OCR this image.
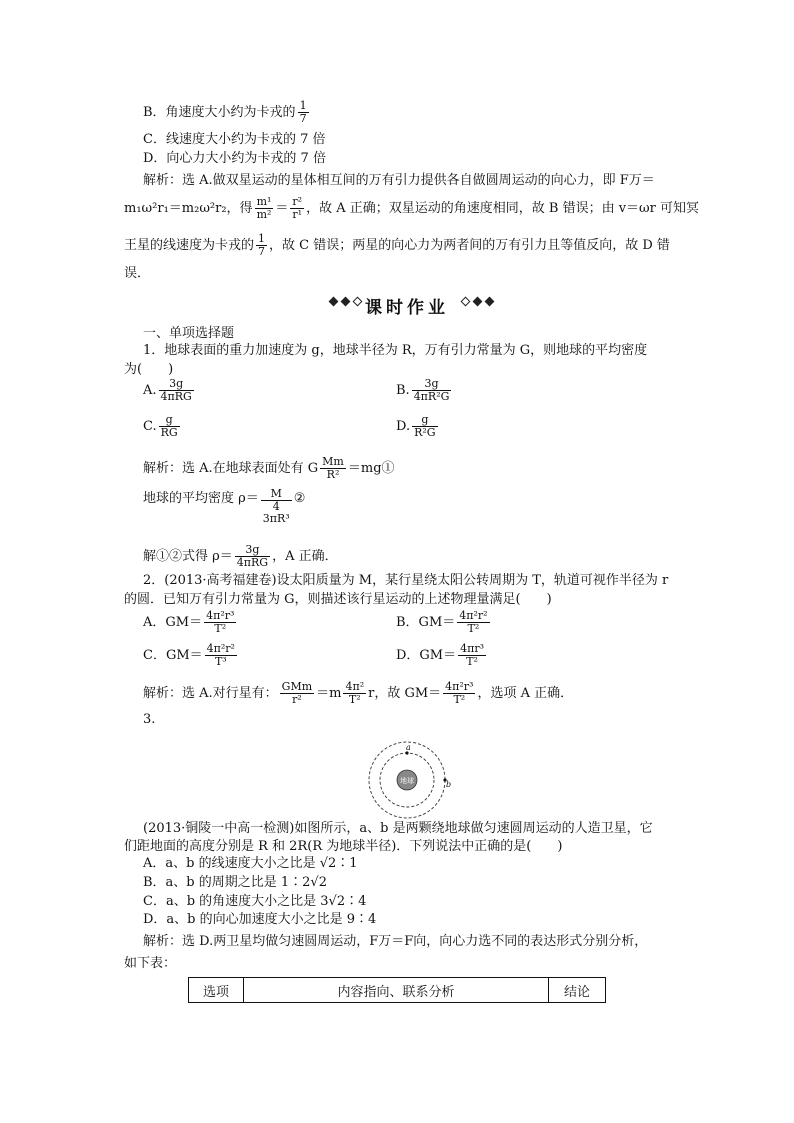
B．角速度大小约为卡戎的 $\frac{1}{7}$
C．线速度大小约为卡戎的 7 倍
D．向心力大小约为卡戎的 7 倍
解析：选 A.做双星运动的星体相互间的万有引力提供各自做圆周运动的向心力，即 F万＝
m₁ω²r₁＝m₂ω²r₂，得 $\frac{\text{m¹}}{\text{m²}} = \frac{\text{r²}}{\text{r¹}}$ ，故 A 正确；双星运动的角速度相同，故 B 错误；由 v＝ωr 可知冥
王星的线速度为卡戎的 $\frac{1}{7}$ ，故 C 错误；两星的向心力为两者间的万有引力且等值反向，故 D 错
误．
课时作业
一、单项选择题
1．地球表面的重力加速度为 g，地球半径为 R，万有引力常量为 G，则地球的平均密度
为(　　)
A. $\frac{3g}{\text{4πRG}}$	B. $\frac{3g}{\text{4πR²G}}$
C. $\frac{g}{RG}$	D. $\frac{g}{\text{R²G}}$
解析：选 A.在地球表面处有 G $\frac{Mm}{\text{R²}}$ ＝mg①
地球的平均密度 ρ＝ M
4
3πR³ ②
解①②式得 $\rho= \frac{3g}{\text{4πRG}}$ ，A 正确．
2．(2013·高考福建卷)设太阳质量为 M，某行星绕太阳公转周期为 T，轨道可视作半径为 r
的圆．已知万有引力常量为 G，则描述该行星运动的上述物理量满足(　　)
A．$GM= \frac{\text{4π²r³}}{\text{T²}}$	B．$GM= \frac{\text{4π²r²}}{\text{T²}}$
C．$GM= \frac{\text{4π²r²}}{\text{T³}}$	D．$GM= \frac{\text{4πr³}}{\text{T²}}$
解析：选 A.对行星有： $\frac{\text{GMm}}{\text{r²}} =m \frac{\text{4π²}}{\text{T²}}$ r，故 $GM= \frac{\text{4π²r³}}{\text{T²}}$ ，选项 A 正确．
3.
地球
a
b
(2013·铜陵一中高一检测)如图所示，a、b 是两颗绕地球做匀速圆周运动的人造卫星，它
们距地面的高度分别是 R 和 2R(R 为地球半径)．下列说法中正确的是(　　)
A．a、b 的线速度大小之比是 √2∶1
B．a、b 的周期之比是 1∶2√2
C．a、b 的角速度大小之比是 3√2∶4
D．a、b 的向心加速度大小之比是 9∶4
解析：选 D.两卫星均做匀速圆周运动，F万＝F向，向心力选不同的表达形式分别分析，
如下表：
选项	内容指向、联系分析	结论
